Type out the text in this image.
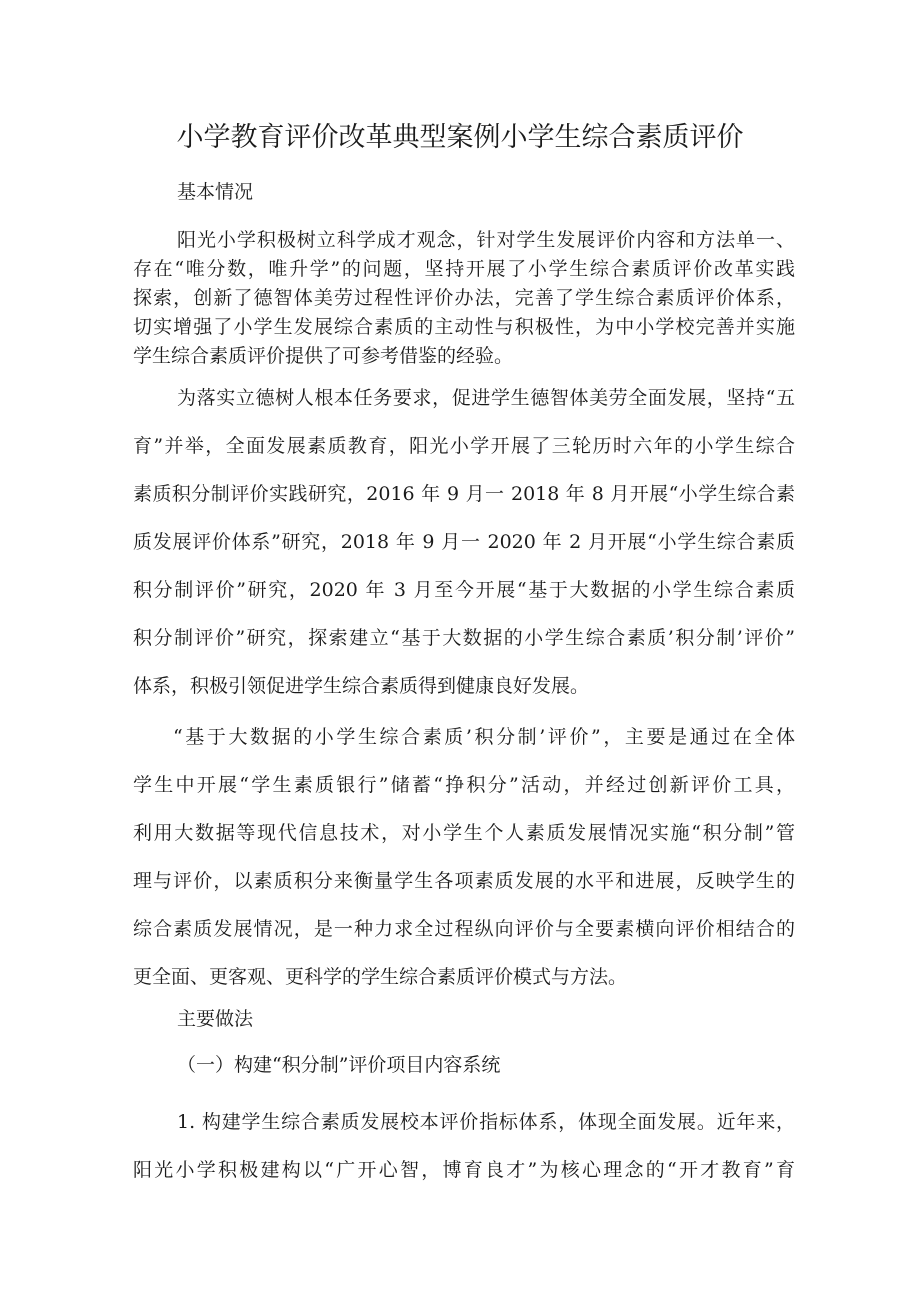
小学教育评价改革典型案例小学生综合素质评价
基本情况
阳光小学积极树立科学成才观念，针对学生发展评价内容和方法单一、
存在“唯分数，唯升学”的问题，坚持开展了小学生综合素质评价改革实践
探索，创新了德智体美劳过程性评价办法，完善了学生综合素质评价体系，
切实增强了小学生发展综合素质的主动性与积极性，为中小学校完善并实施
学生综合素质评价提供了可参考借鉴的经验。
为落实立德树人根本任务要求，促进学生德智体美劳全面发展，坚持“五
育”并举，全面发展素质教育，阳光小学开展了三轮历时六年的小学生综合
素质积分制评价实践研究，2016 年 9 月一 2018 年 8 月开展“小学生综合素
质发展评价体系”研究，2018 年 9 月一 2020 年 2 月开展“小学生综合素质
积分制评价”研究，2020 年 3 月至今开展“基于大数据的小学生综合素质
积分制评价”研究，探索建立“基于大数据的小学生综合素质’积分制’评价”
体系，积极引领促进学生综合素质得到健康良好发展。
“基于大数据的小学生综合素质’积分制’评价”，主要是通过在全体
学生中开展“学生素质银行”储蓄“挣积分”活动，并经过创新评价工具，
利用大数据等现代信息技术，对小学生个人素质发展情况实施“积分制”管
理与评价，以素质积分来衡量学生各项素质发展的水平和进展，反映学生的
综合素质发展情况，是一种力求全过程纵向评价与全要素横向评价相结合的
更全面、更客观、更科学的学生综合素质评价模式与方法。
主要做法
（一）构建“积分制”评价项目内容系统
1. 构建学生综合素质发展校本评价指标体系，体现全面发展。近年来，
阳光小学积极建构以“广开心智，博育良才”为核心理念的“开才教育”育
